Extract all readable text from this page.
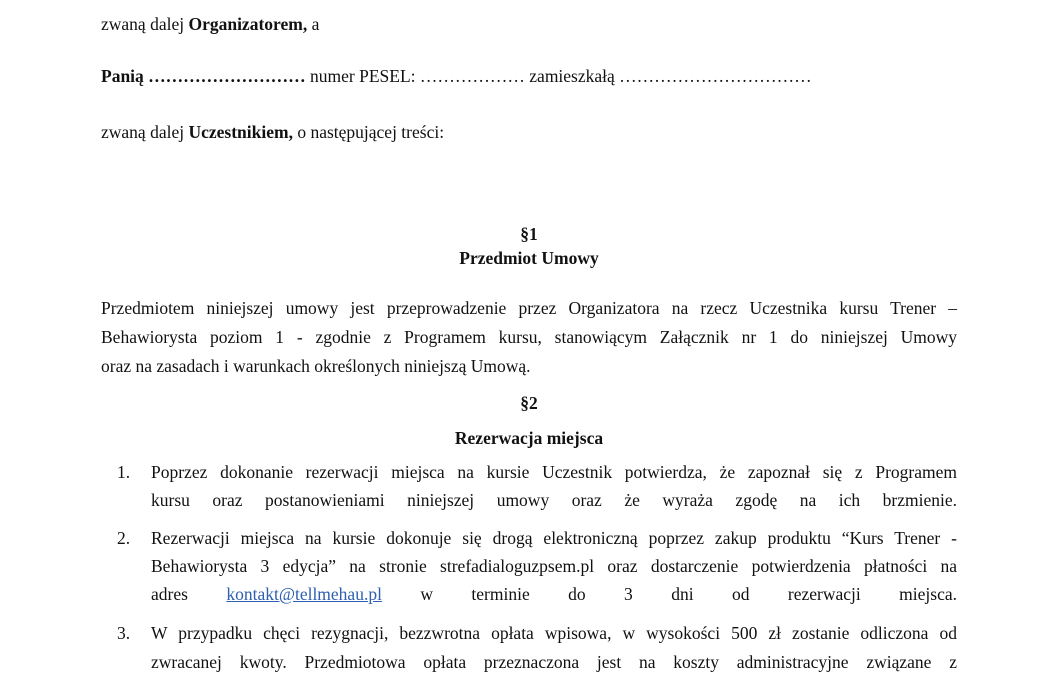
zwaną dalej Organizatorem, a
Panią ……………………… numer PESEL: ……………… zamieszkałą ……………………………
zwaną dalej Uczestnikiem, o następującej treści:
§1
Przedmiot Umowy
Przedmiotem niniejszej umowy jest przeprowadzenie przez Organizatora na rzecz Uczestnika kursu Trener –
Behawiorysta poziom 1 - zgodnie z Programem kursu, stanowiącym Załącznik nr 1 do niniejszej Umowy
oraz na zasadach i warunkach określonych niniejszą Umową.
§2
Rezerwacja miejsca
1. Poprzez dokonanie rezerwacji miejsca na kursie Uczestnik potwierdza, że zapoznał się z Programem
kursu oraz postanowieniami niniejszej umowy oraz że wyraża zgodę na ich brzmienie.
2. Rezerwacji miejsca na kursie dokonuje się drogą elektroniczną poprzez zakup produktu “Kurs Trener -
Behawiorysta 3 edycja” na stronie strefadialoguzpsem.pl oraz dostarczenie potwierdzenia płatności na
adres kontakt@tellmehau.pl w terminie do 3 dni od rezerwacji miejsca.
3. W przypadku chęci rezygnacji, bezzwrotna opłata wpisowa, w wysokości 500 zł zostanie odliczona od
zwracanej kwoty. Przedmiotowa opłata przeznaczona jest na koszty administracyjne związane z
